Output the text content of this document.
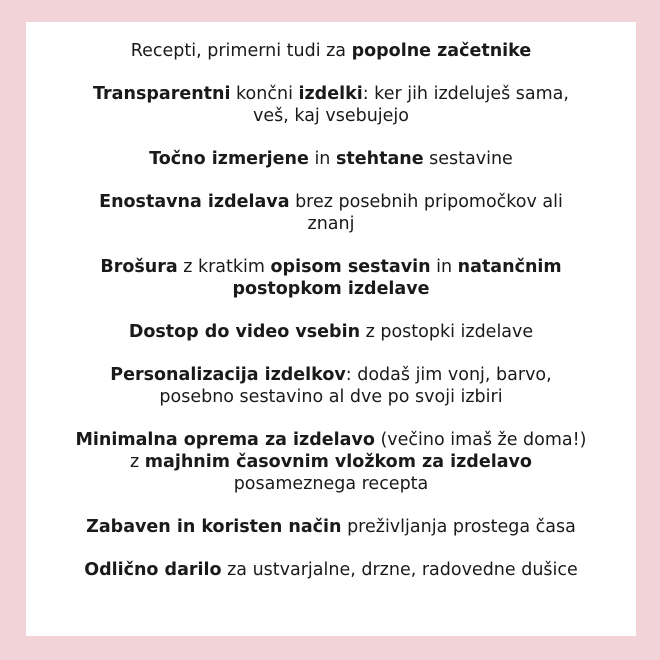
Recepti, primerni tudi za popolne začetnike
Transparentni končni izdelki: ker jih izdeluješ sama,
veš, kaj vsebujejo
Točno izmerjene in stehtane sestavine
Enostavna izdelava brez posebnih pripomočkov ali
znanj
Brošura z kratkim opisom sestavin in natančnim
postopkom izdelave
Dostop do video vsebin z postopki izdelave
Personalizacija izdelkov: dodaš jim vonj, barvo,
posebno sestavino al dve po svoji izbiri
Minimalna oprema za izdelavo (večino imaš že doma!)
z majhnim časovnim vložkom za izdelavo
posameznega recepta
Zabaven in koristen način preživljanja prostega časa
Odlično darilo za ustvarjalne, drzne, radovedne dušice
